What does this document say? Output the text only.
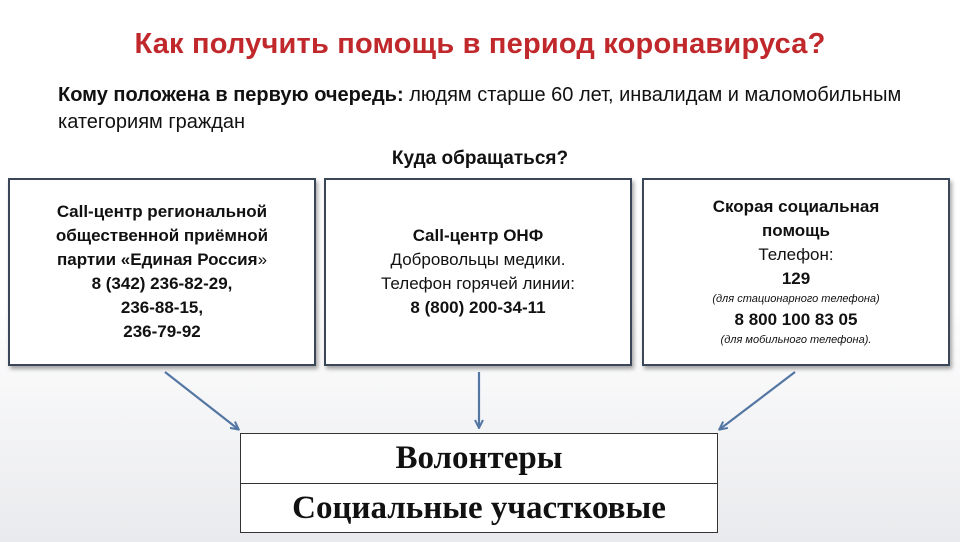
Как получить помощь в период коронавируса?
Кому положена в первую очередь: людям старше 60 лет, инвалидам и маломобильным категориям граждан
Куда обращаться?
Call-центр региональной
общественной приёмной
партии «Единая Россия»
8 (342) 236-82-29,
236-88-15,
236-79-92
Call-центр ОНФ
Добровольцы медики.
Телефон горячей линии:
8 (800) 200-34-11
Скорая социальная
помощь
Телефон:
129
(для стационарного телефона)
8 800 100 83 05
(для мобильного телефона).
Волонтеры
Социальные участковые
